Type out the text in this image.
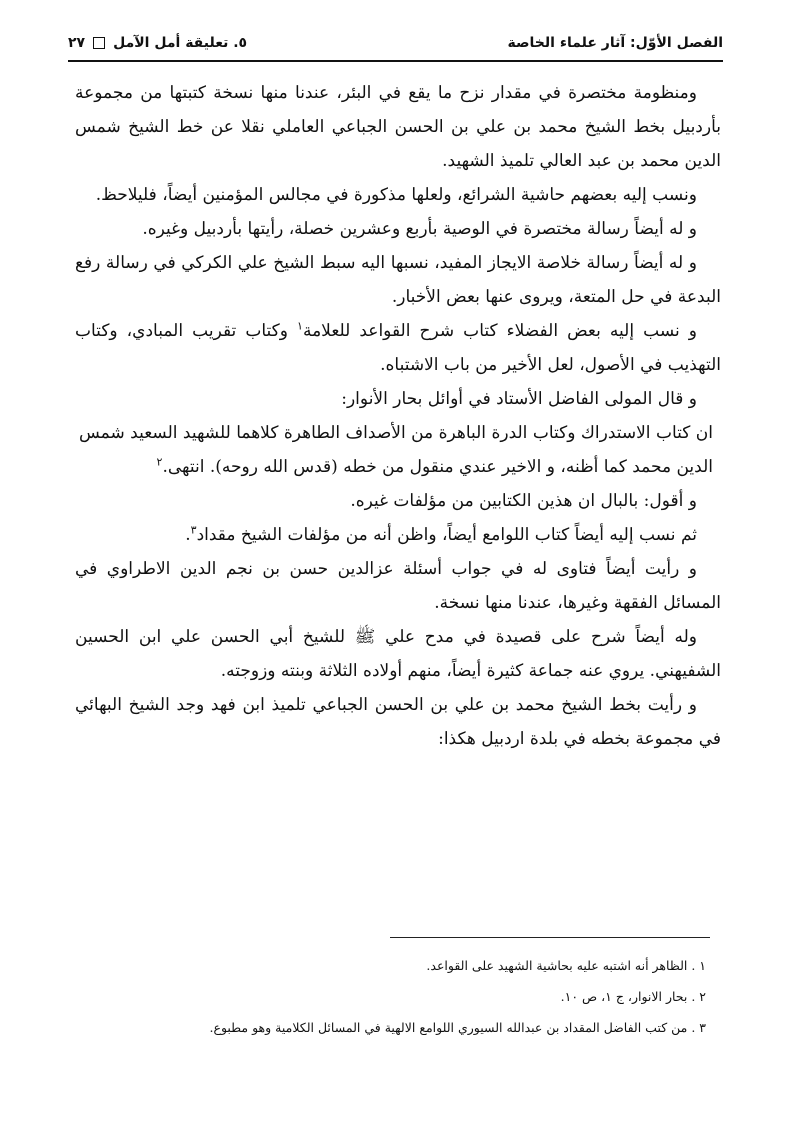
الفصل الأوّل: آثار علماء الخاصة
٥. تعليقة أمل الآمل
٢٧

ومنظومة مختصرة في مقدار نزح ما يقع في البئر، عندنا منها نسخة كتبتها من مجموعة بأردبيل بخط الشيخ محمد بن علي بن الحسن الجباعي العاملي نقلا عن خط الشيخ شمس الدين محمد بن عبد العالي تلميذ الشهيد.

ونسب إليه بعضهم حاشية الشرائع، ولعلها مذكورة في مجالس المؤمنين أيضاً، فليلاحظ.

و له أيضاً رسالة مختصرة في الوصية بأربع وعشرين خصلة، رأيتها بأردبيل وغيره.

و له أيضاً رسالة خلاصة الايجاز المفيد، نسبها اليه سبط الشيخ علي الكركي في رسالة رفع البدعة في حل المتعة، ويروى عنها بعض الأخبار.

و نسب إليه بعض الفضلاء كتاب شرح القواعد للعلامة$^١$ وكتاب تقريب المبادي، وكتاب التهذيب في الأصول، لعل الأخير من باب الاشتباه.

و قال المولى الفاضل الأستاد في أوائل بحار الأنوار:

ان كتاب الاستدراك وكتاب الدرة الباهرة من الأصداف الطاهرة كلاهما للشهيد السعيد شمس الدين محمد كما أظنه، و الاخير عندي منقول من خطه (قدس الله روحه). انتهى.$^٢$

و أقول: بالبال ان هذين الكتابين من مؤلفات غيره.

ثم نسب إليه أيضاً كتاب اللوامع أيضاً، واظن أنه من مؤلفات الشيخ مقداد$^٣$.

و رأيت أيضاً فتاوى له في جواب أسئلة عزالدين حسن بن نجم الدين الاطراوي في المسائل الفقهة وغيرها، عندنا منها نسخة.

وله أيضاً شرح على قصيدة في مدح علي ﷺ للشيخ أبي الحسن علي ابن الحسين الشفيهني. يروي عنه جماعة كثيرة أيضاً، منهم أولاده الثلاثة وبنته وزوجته.

و رأيت بخط الشيخ محمد بن علي بن الحسن الجباعي تلميذ ابن فهد وجد الشيخ البهائي في مجموعة بخطه في بلدة اردبيل هكذا:

١ . الظاهر أنه اشتبه عليه بحاشية الشهيد على القواعد.

٢ . بحار الانوار، ج ١، ص ١٠.

٣ . من كتب الفاضل المقداد بن عبدالله السيوري اللوامع الالهية في المسائل الكلامية وهو مطبوع.
